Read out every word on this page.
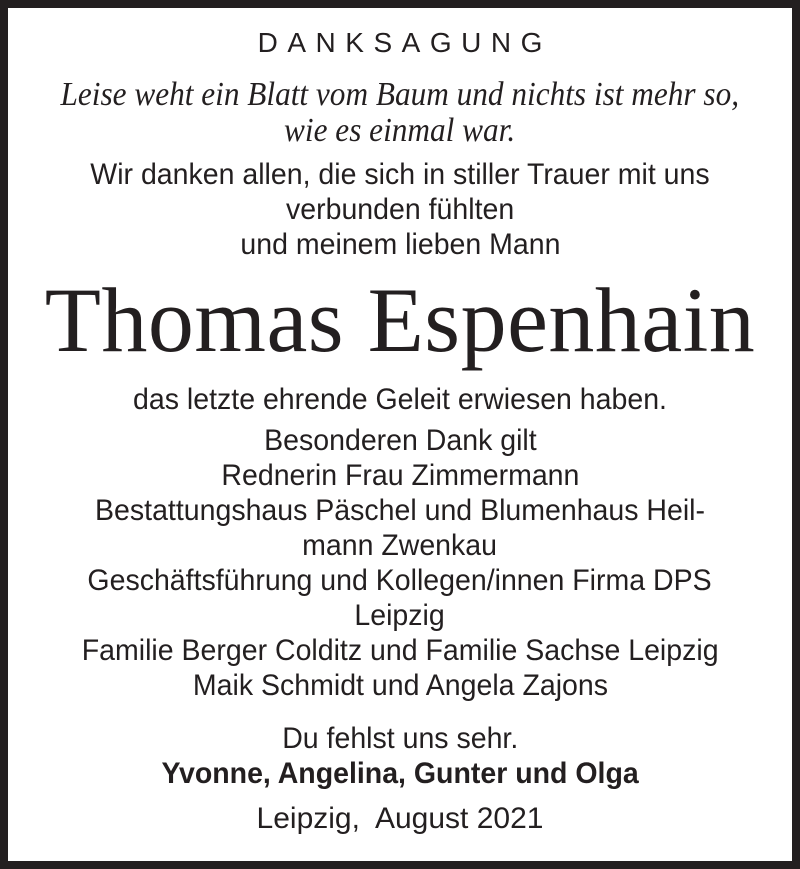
DANKSAGUNG
Leise weht ein Blatt vom Baum und nichts ist mehr so,
wie es einmal war.
Wir danken allen, die sich in stiller Trauer mit uns
verbunden fühlten
und meinem lieben Mann
Thomas Espenhain
das letzte ehrende Geleit erwiesen haben.
Besonderen Dank gilt
Rednerin Frau Zimmermann
Bestattungshaus Päschel und Blumenhaus Heil-
mann Zwenkau
Geschäftsführung und Kollegen/innen Firma DPS
Leipzig
Familie Berger Colditz und Familie Sachse Leipzig
Maik Schmidt und Angela Zajons
Du fehlst uns sehr.
Yvonne, Angelina, Gunter und Olga
Leipzig,  August 2021
